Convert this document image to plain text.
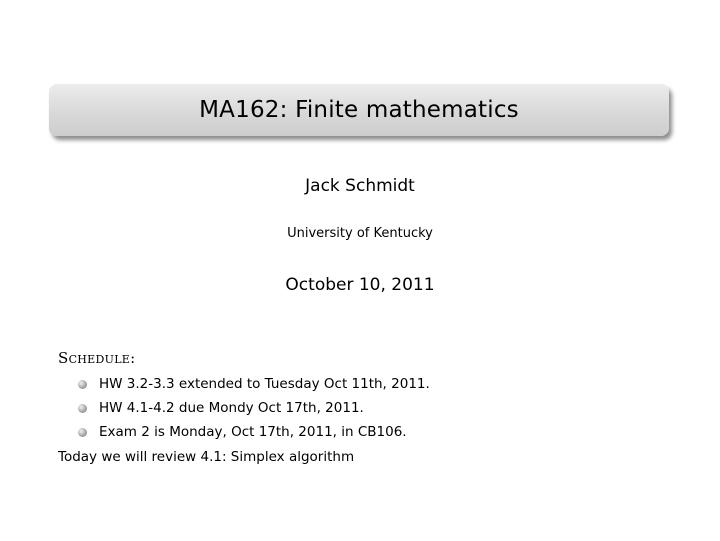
MA162: Finite mathematics
Jack Schmidt
University of Kentucky
October 10, 2011
Schedule:
HW 3.2-3.3 extended to Tuesday Oct 11th, 2011.
HW 4.1-4.2 due Mondy Oct 17th, 2011.
Exam 2 is Monday, Oct 17th, 2011, in CB106.
Today we will review 4.1: Simplex algorithm
